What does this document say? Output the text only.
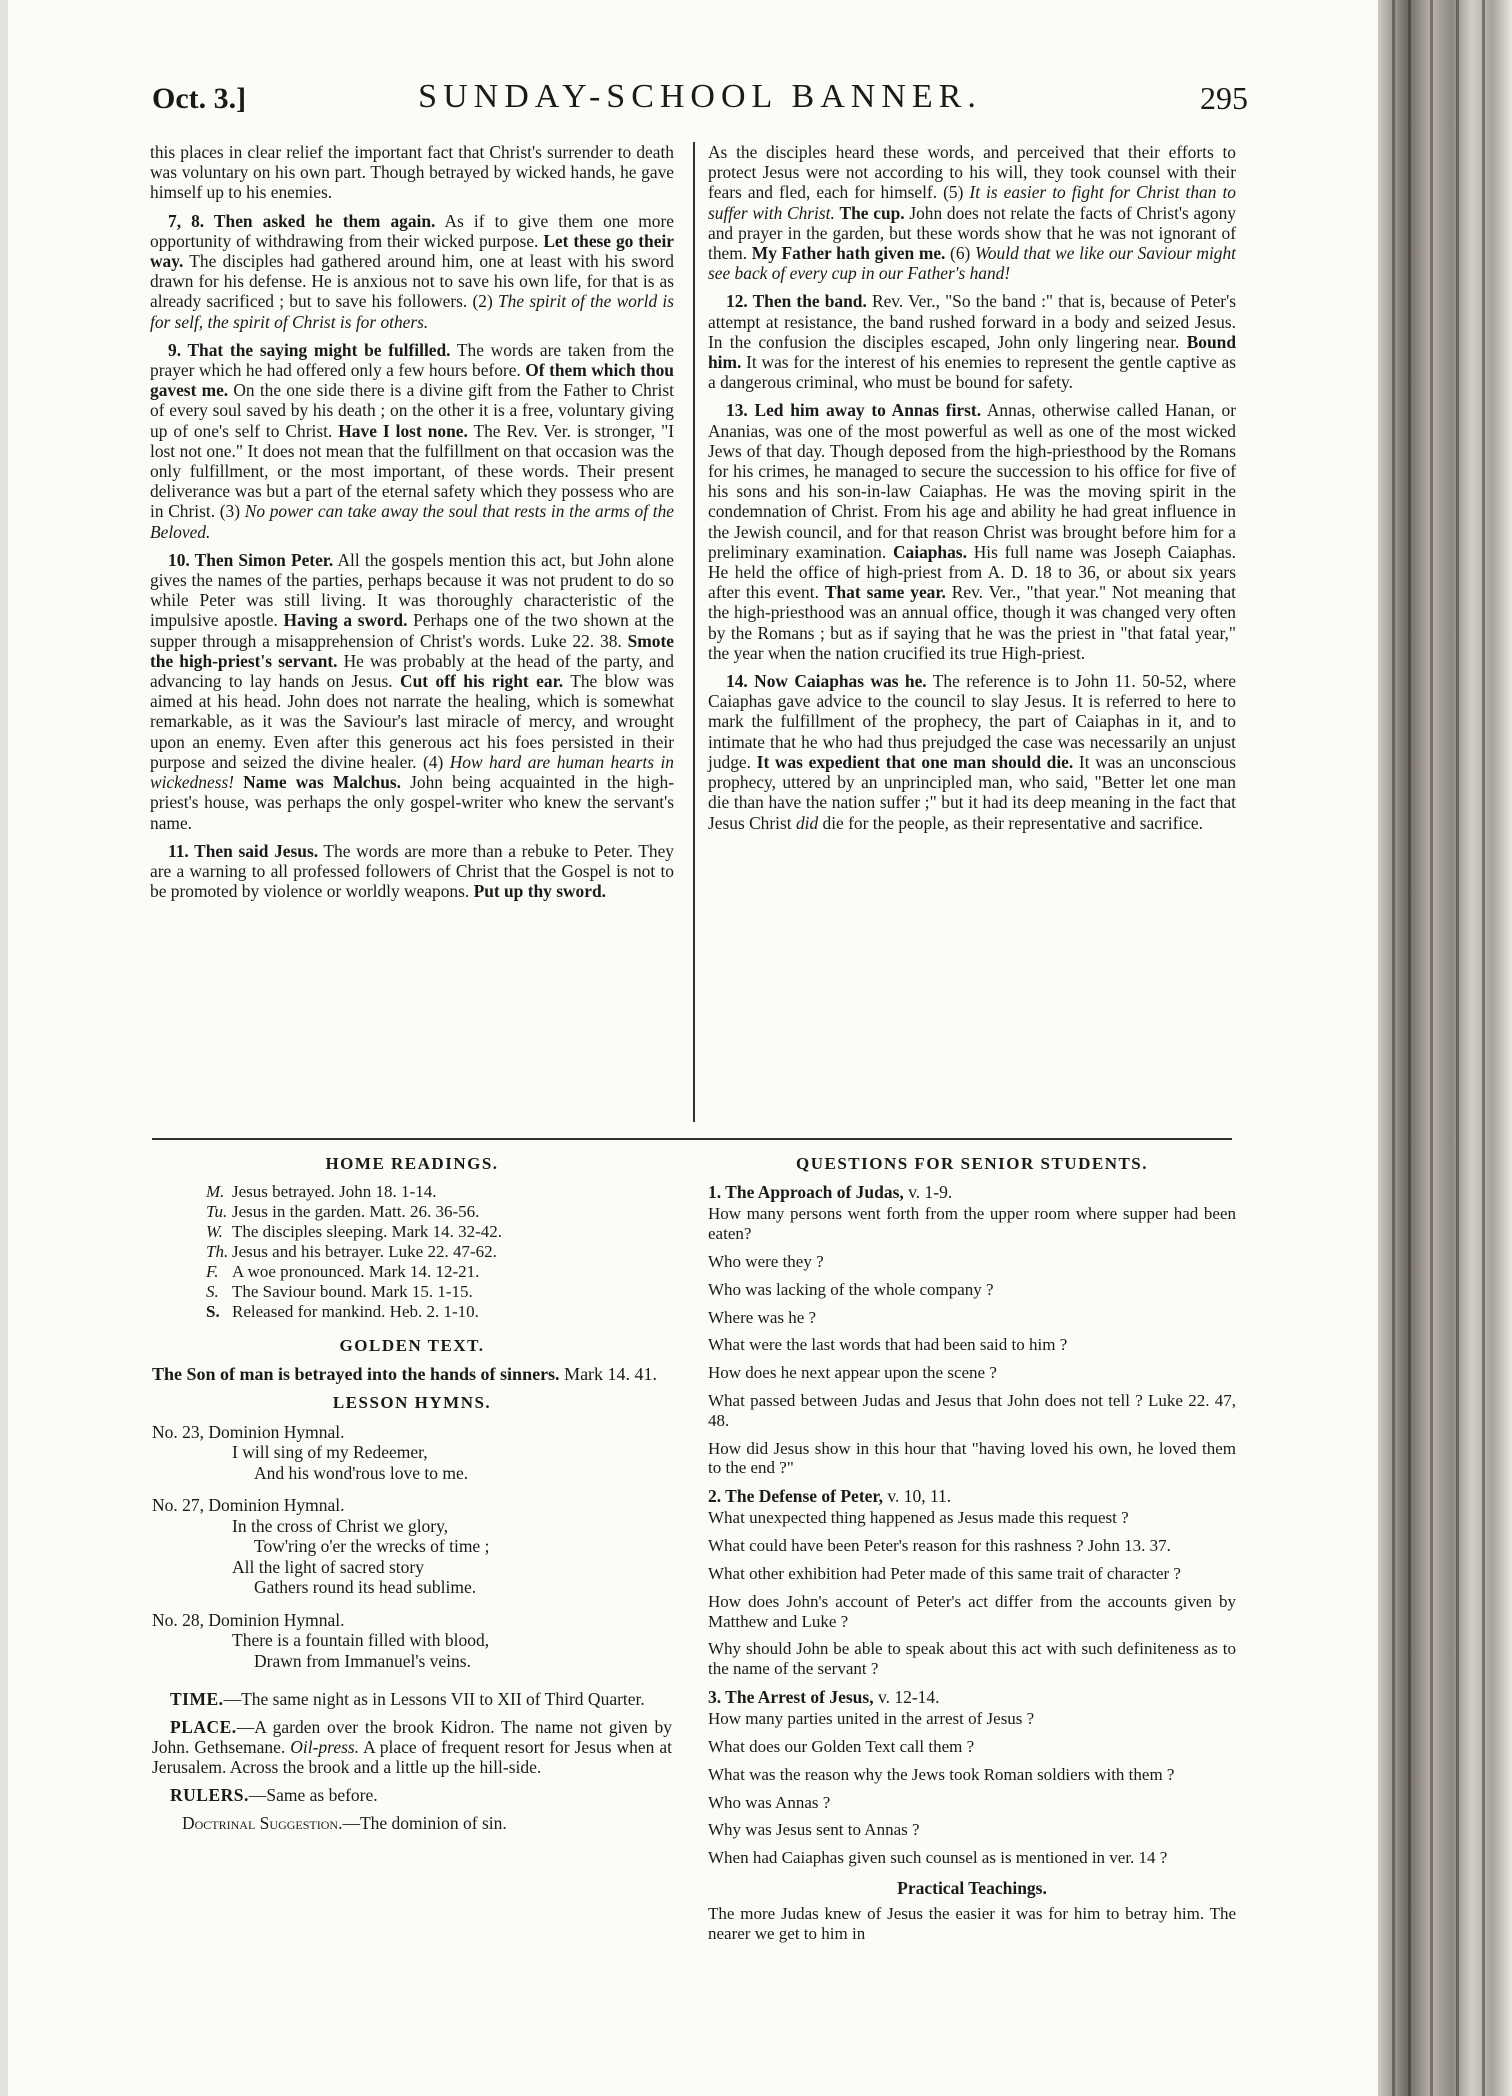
Oct. 3.]	SUNDAY-SCHOOL BANNER.	295

this places in clear relief the important fact that Christ's surrender to death was voluntary on his own part. Though betrayed by wicked hands, he gave himself up to his enemies.

7, 8. Then asked he them again. As if to give them one more opportunity of withdrawing from their wicked purpose. Let these go their way. The disciples had gathered around him, one at least with his sword drawn for his defense. He is anxious not to save his own life, for that is as already sacrificed ; but to save his followers. (2) The spirit of the world is for self, the spirit of Christ is for others.

9. That the saying might be fulfilled. The words are taken from the prayer which he had offered only a few hours before. Of them which thou gavest me. On the one side there is a divine gift from the Father to Christ of every soul saved by his death ; on the other it is a free, voluntary giving up of one's self to Christ. Have I lost none. The Rev. Ver. is stronger, "I lost not one." It does not mean that the fulfillment on that occasion was the only fulfillment, or the most important, of these words. Their present deliverance was but a part of the eternal safety which they possess who are in Christ. (3) No power can take away the soul that rests in the arms of the Beloved.

10. Then Simon Peter. All the gospels mention this act, but John alone gives the names of the parties, perhaps because it was not prudent to do so while Peter was still living. It was thoroughly characteristic of the impulsive apostle. Having a sword. Perhaps one of the two shown at the supper through a misapprehension of Christ's words. Luke 22. 38. Smote the high-priest's servant. He was probably at the head of the party, and advancing to lay hands on Jesus. Cut off his right ear. The blow was aimed at his head. John does not narrate the healing, which is somewhat remarkable, as it was the Saviour's last miracle of mercy, and wrought upon an enemy. Even after this generous act his foes persisted in their purpose and seized the divine healer. (4) How hard are human hearts in wickedness! Name was Malchus. John being acquainted in the high-priest's house, was perhaps the only gospel-writer who knew the servant's name.

11. Then said Jesus. The words are more than a rebuke to Peter. They are a warning to all professed followers of Christ that the Gospel is not to be promoted by violence or worldly weapons. Put up thy sword.

As the disciples heard these words, and perceived that their efforts to protect Jesus were not according to his will, they took counsel with their fears and fled, each for himself. (5) It is easier to fight for Christ than to suffer with Christ. The cup. John does not relate the facts of Christ's agony and prayer in the garden, but these words show that he was not ignorant of them. My Father hath given me. (6) Would that we like our Saviour might see back of every cup in our Father's hand!

12. Then the band. Rev. Ver., "So the band :" that is, because of Peter's attempt at resistance, the band rushed forward in a body and seized Jesus. In the confusion the disciples escaped, John only lingering near. Bound him. It was for the interest of his enemies to represent the gentle captive as a dangerous criminal, who must be bound for safety.

13. Led him away to Annas first. Annas, otherwise called Hanan, or Ananias, was one of the most powerful as well as one of the most wicked Jews of that day. Though deposed from the high-priesthood by the Romans for his crimes, he managed to secure the succession to his office for five of his sons and his son-in-law Caiaphas. He was the moving spirit in the condemnation of Christ. From his age and ability he had great influence in the Jewish council, and for that reason Christ was brought before him for a preliminary examination. Caiaphas. His full name was Joseph Caiaphas. He held the office of high-priest from A. D. 18 to 36, or about six years after this event. That same year. Rev. Ver., "that year." Not meaning that the high-priesthood was an annual office, though it was changed very often by the Romans ; but as if saying that he was the priest in "that fatal year," the year when the nation crucified its true High-priest.

14. Now Caiaphas was he. The reference is to John 11. 50-52, where Caiaphas gave advice to the council to slay Jesus. It is referred to here to mark the fulfillment of the prophecy, the part of Caiaphas in it, and to intimate that he who had thus prejudged the case was necessarily an unjust judge. It was expedient that one man should die. It was an unconscious prophecy, uttered by an unprincipled man, who said, "Better let one man die than have the nation suffer ;" but it had its deep meaning in the fact that Jesus Christ did die for the people, as their representative and sacrifice.

HOME READINGS.
M. Jesus betrayed. John 18. 1-14.
Tu. Jesus in the garden. Matt. 26. 36-56.
W. The disciples sleeping. Mark 14. 32-42.
Th. Jesus and his betrayer. Luke 22. 47-62.
F. A woe pronounced. Mark 14. 12-21.
S. The Saviour bound. Mark 15. 1-15.
S. Released for mankind. Heb. 2. 1-10.
GOLDEN TEXT.

The Son of man is betrayed into the hands of sinners. Mark 14. 41.

LESSON HYMNS.
No. 23, Dominion Hymnal.
I will sing of my Redeemer,
And his wond'rous love to me.
No. 27, Dominion Hymnal.
In the cross of Christ we glory,
Tow'ring o'er the wrecks of time ;
All the light of sacred story
Gathers round its head sublime.
No. 28, Dominion Hymnal.
There is a fountain filled with blood,
Drawn from Immanuel's veins.

TIME.—The same night as in Lessons VII to XII of Third Quarter.

PLACE.—A garden over the brook Kidron. The name not given by John. Gethsemane. Oil-press. A place of frequent resort for Jesus when at Jerusalem. Across the brook and a little up the hill-side.

RULERS.—Same as before.

Doctrinal Suggestion.—The dominion of sin.

QUESTIONS FOR SENIOR STUDENTS.
1. The Approach of Judas, v. 1-9.

How many persons went forth from the upper room where supper had been eaten?

Who were they ?

Who was lacking of the whole company ?

Where was he ?

What were the last words that had been said to him ?

How does he next appear upon the scene ?

What passed between Judas and Jesus that John does not tell ? Luke 22. 47, 48.

How did Jesus show in this hour that "having loved his own, he loved them to the end ?"

2. The Defense of Peter, v. 10, 11.

What unexpected thing happened as Jesus made this request ?

What could have been Peter's reason for this rashness ? John 13. 37.

What other exhibition had Peter made of this same trait of character ?

How does John's account of Peter's act differ from the accounts given by Matthew and Luke ?

Why should John be able to speak about this act with such definiteness as to the name of the servant ?

3. The Arrest of Jesus, v. 12-14.

How many parties united in the arrest of Jesus ?

What does our Golden Text call them ?

What was the reason why the Jews took Roman soldiers with them ?

Who was Annas ?

Why was Jesus sent to Annas ?

When had Caiaphas given such counsel as is mentioned in ver. 14 ?

Practical Teachings.

The more Judas knew of Jesus the easier it was for him to betray him. The nearer we get to him in
